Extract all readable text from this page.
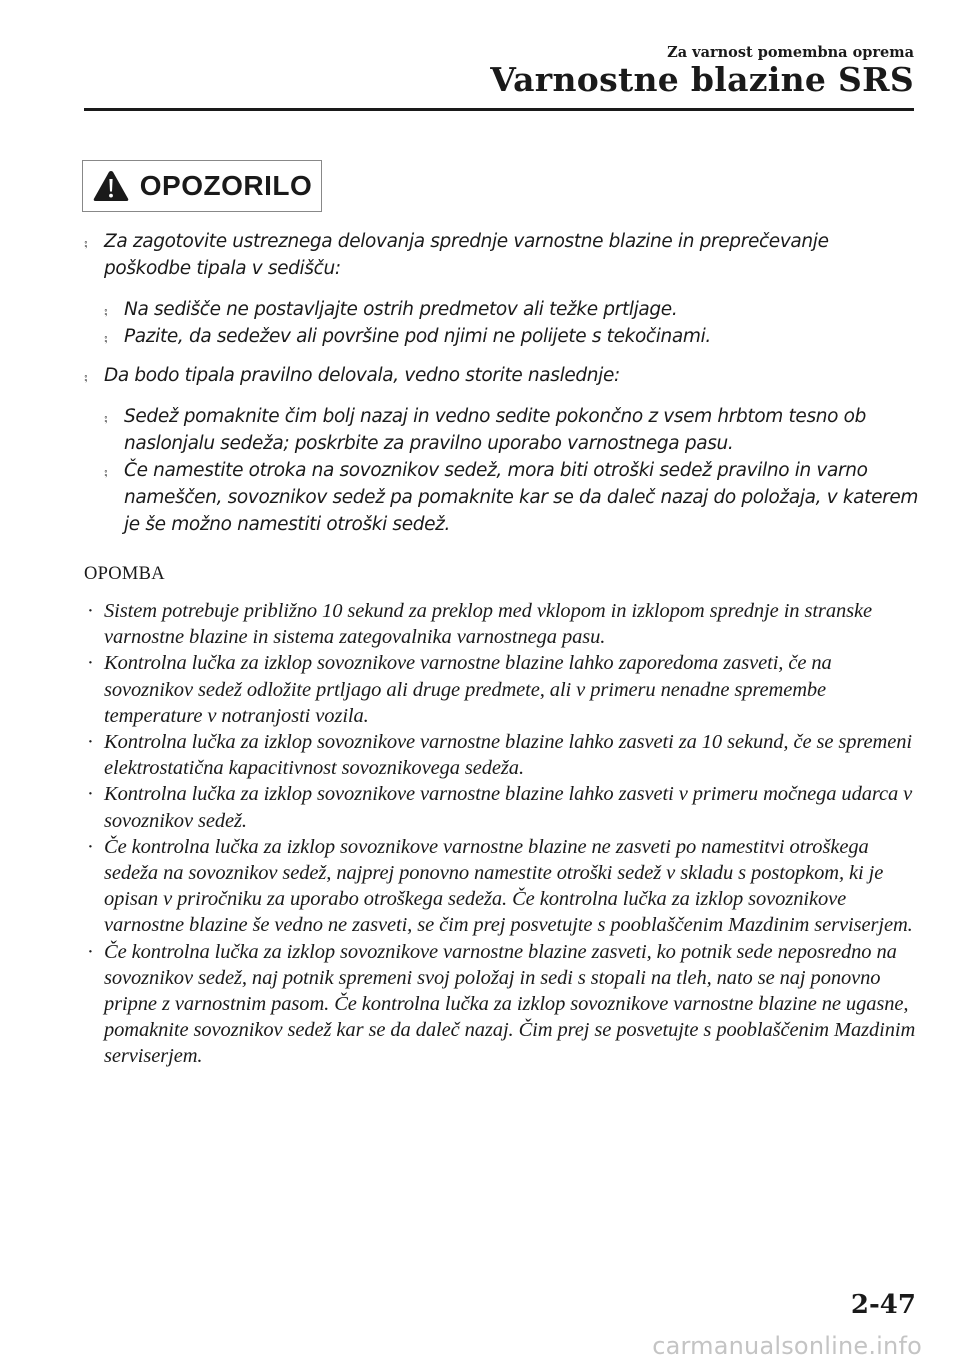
Za varnost pomembna oprema
Varnostne blazine SRS
OPOZORILO
⨾ Za zagotovite ustreznega delovanja sprednje varnostne blazine in preprečevanje poškodbe tipala v sedišču:
⨾ Na sedišče ne postavljajte ostrih predmetov ali težke prtljage.
⨾ Pazite, da sedežev ali površine pod njimi ne polijete s tekočinami.
⨾ Da bodo tipala pravilno delovala, vedno storite naslednje:
⨾ Sedež pomaknite čim bolj nazaj in vedno sedite pokončno z vsem hrbtom tesno ob naslonjalu sedeža; poskrbite za pravilno uporabo varnostnega pasu.
⨾ Če namestite otroka na sovoznikov sedež, mora biti otroški sedež pravilno in varno nameščen, sovoznikov sedež pa pomaknite kar se da daleč nazaj do položaja, v katerem je še možno namestiti otroški sedež.
OPOMBA
· Sistem potrebuje približno 10 sekund za preklop med vklopom in izklopom sprednje in stranske varnostne blazine in sistema zategovalnika varnostnega pasu.
· Kontrolna lučka za izklop sovoznikove varnostne blazine lahko zaporedoma zasveti, če na sovoznikov sedež odložite prtljago ali druge predmete, ali v primeru nenadne spremembe temperature v notranjosti vozila.
· Kontrolna lučka za izklop sovoznikove varnostne blazine lahko zasveti za 10 sekund, če se spremeni elektrostatična kapacitivnost sovoznikovega sedeža.
· Kontrolna lučka za izklop sovoznikove varnostne blazine lahko zasveti v primeru močnega udarca v sovoznikov sedež.
· Če kontrolna lučka za izklop sovoznikove varnostne blazine ne zasveti po namestitvi otroškega sedeža na sovoznikov sedež, najprej ponovno namestite otroški sedež v skladu s postopkom, ki je opisan v priročniku za uporabo otroškega sedeža. Če kontrolna lučka za izklop sovoznikove varnostne blazine še vedno ne zasveti, se čim prej posvetujte s pooblaščenim Mazdinim serviserjem.
· Če kontrolna lučka za izklop sovoznikove varnostne blazine zasveti, ko potnik sede neposredno na sovoznikov sedež, naj potnik spremeni svoj položaj in sedi s stopali na tleh, nato se naj ponovno pripne z varnostnim pasom. Če kontrolna lučka za izklop sovoznikove varnostne blazine ne ugasne, pomaknite sovoznikov sedež kar se da daleč nazaj. Čim prej se posvetujte s pooblaščenim Mazdinim serviserjem.
2-47
carmanualsonline.info
